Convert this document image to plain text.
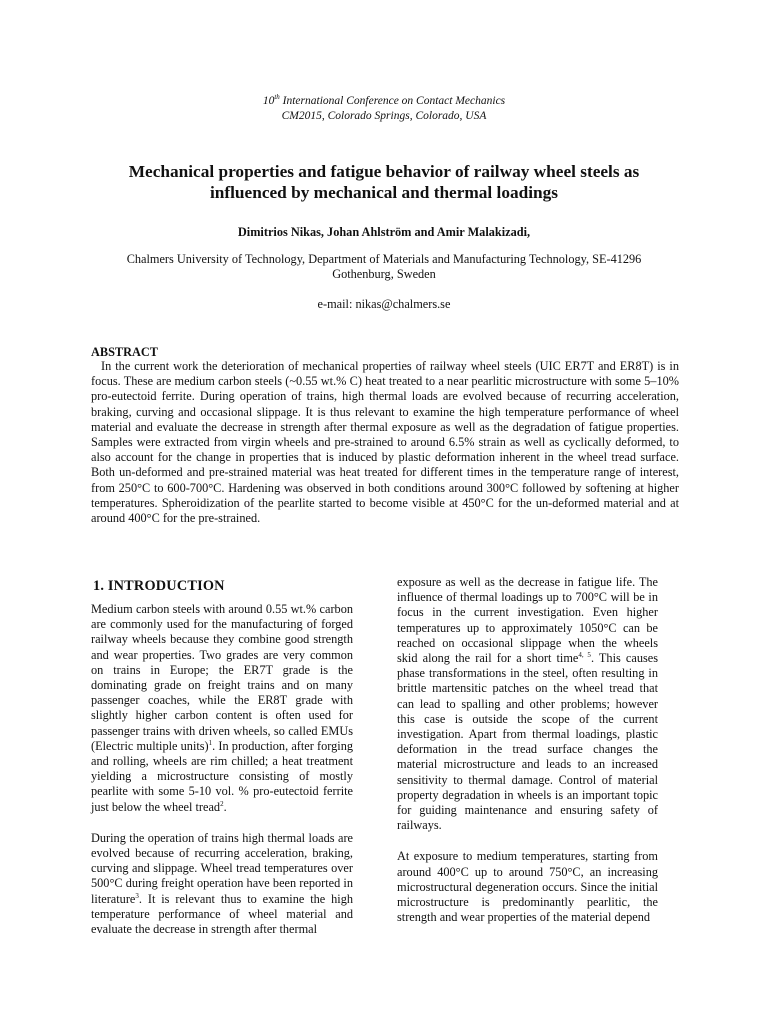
10th International Conference on Contact Mechanics
CM2015, Colorado Springs, Colorado, USA
Mechanical properties and fatigue behavior of railway wheel steels as influenced by mechanical and thermal loadings
Dimitrios Nikas, Johan Ahlström and Amir Malakizadi,
Chalmers University of Technology, Department of Materials and Manufacturing Technology, SE-41296
Gothenburg, Sweden
e-mail: nikas@chalmers.se
ABSTRACT

In the current work the deterioration of mechanical properties of railway wheel steels (UIC ER7T and ER8T) is in focus. These are medium carbon steels (~0.55 wt.% C) heat treated to a near pearlitic microstructure with some 5–10% pro-eutectoid ferrite. During operation of trains, high thermal loads are evolved because of recurring acceleration, braking, curving and occasional slippage. It is thus relevant to examine the high temperature performance of wheel material and evaluate the decrease in strength after thermal exposure as well as the degradation of fatigue properties. Samples were extracted from virgin wheels and pre-strained to around 6.5% strain as well as cyclically deformed, to also account for the change in properties that is induced by plastic deformation inherent in the wheel tread surface. Both un-deformed and pre-strained material was heat treated for different times in the temperature range of interest, from 250°C to 600-700°C. Hardening was observed in both conditions around 300°C followed by softening at higher temperatures. Spheroidization of the pearlite started to become visible at 450°C for the un-deformed material and at around 400°C for the pre-strained.

1. INTRODUCTION

Medium carbon steels with around 0.55 wt.% carbon are commonly used for the manufacturing of forged railway wheels because they combine good strength and wear properties. Two grades are very common on trains in Europe; the ER7T grade is the dominating grade on freight trains and on many passenger coaches, while the ER8T grade with slightly higher carbon content is often used for passenger trains with driven wheels, so called EMUs (Electric multiple units)$^1$. In production, after forging and rolling, wheels are rim chilled; a heat treatment yielding a microstructure consisting of mostly pearlite with some 5-10 vol. % pro-eutectoid ferrite just below the wheel tread$^2$.

During the operation of trains high thermal loads are evolved because of recurring acceleration, braking, curving and slippage. Wheel tread temperatures over 500°C during freight operation have been reported in literature$^3$. It is relevant thus to examine the high temperature performance of wheel material and evaluate the decrease in strength after thermal

exposure as well as the decrease in fatigue life. The influence of thermal loadings up to 700°C will be in focus in the current investigation. Even higher temperatures up to approximately 1050°C can be reached on occasional slippage when the wheels skid along the rail for a short time$^{4, 5}$. This causes phase transformations in the steel, often resulting in brittle martensitic patches on the wheel tread that can lead to spalling and other problems; however this case is outside the scope of the current investigation. Apart from thermal loadings, plastic deformation in the tread surface changes the material microstructure and leads to an increased sensitivity to thermal damage. Control of material property degradation in wheels is an important topic for guiding maintenance and ensuring safety of railways.

At exposure to medium temperatures, starting from around 400°C up to around 750°C, an increasing microstructural degeneration occurs. Since the initial microstructure is predominantly pearlitic, the strength and wear properties of the material depend
